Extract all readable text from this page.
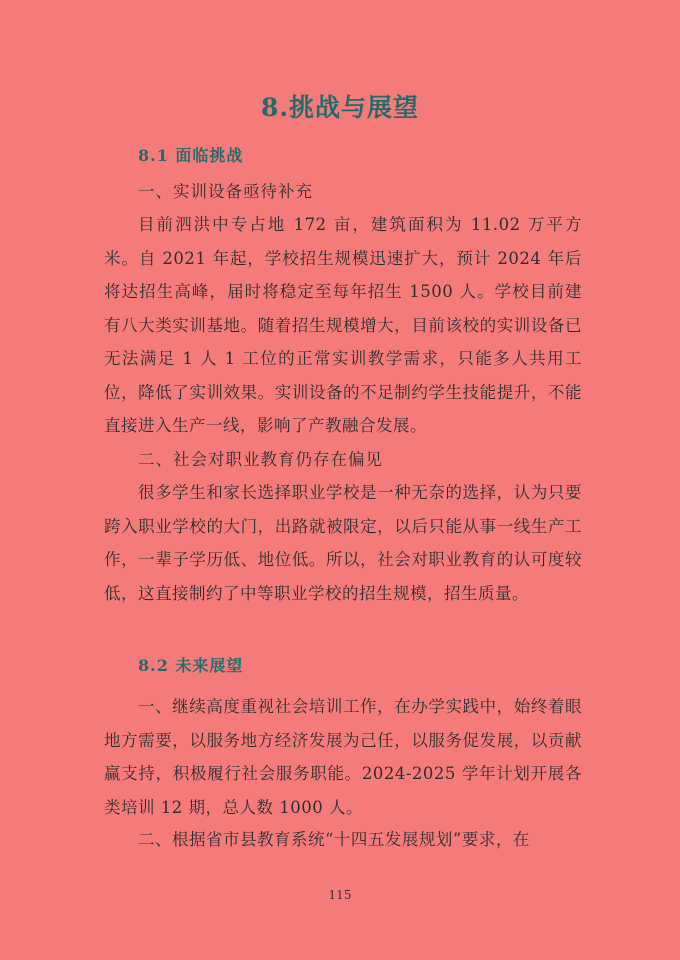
8.挑战与展望
8.1 面临挑战
一、实训设备亟待补充
目前泗洪中专占地 172 亩，建筑面积为 11.02 万平方米。自 2021 年起，学校招生规模迅速扩大，预计 2024 年后将达招生高峰，届时将稳定至每年招生 1500 人。学校目前建有八大类实训基地。随着招生规模增大，目前该校的实训设备已无法满足 1 人 1 工位的正常实训教学需求，只能多人共用工位，降低了实训效果。实训设备的不足制约学生技能提升，不能直接进入生产一线，影响了产教融合发展。
二、社会对职业教育仍存在偏见
很多学生和家长选择职业学校是一种无奈的选择，认为只要跨入职业学校的大门，出路就被限定，以后只能从事一线生产工作，一辈子学历低、地位低。所以，社会对职业教育的认可度较低，这直接制约了中等职业学校的招生规模，招生质量。
8.2 未来展望
一、继续高度重视社会培训工作，在办学实践中，始终着眼地方需要，以服务地方经济发展为己任，以服务促发展，以贡献赢支持，积极履行社会服务职能。2024-2025 学年计划开展各类培训 12 期，总人数 1000 人。
二、根据省市县教育系统“十四五发展规划”要求，在
115
